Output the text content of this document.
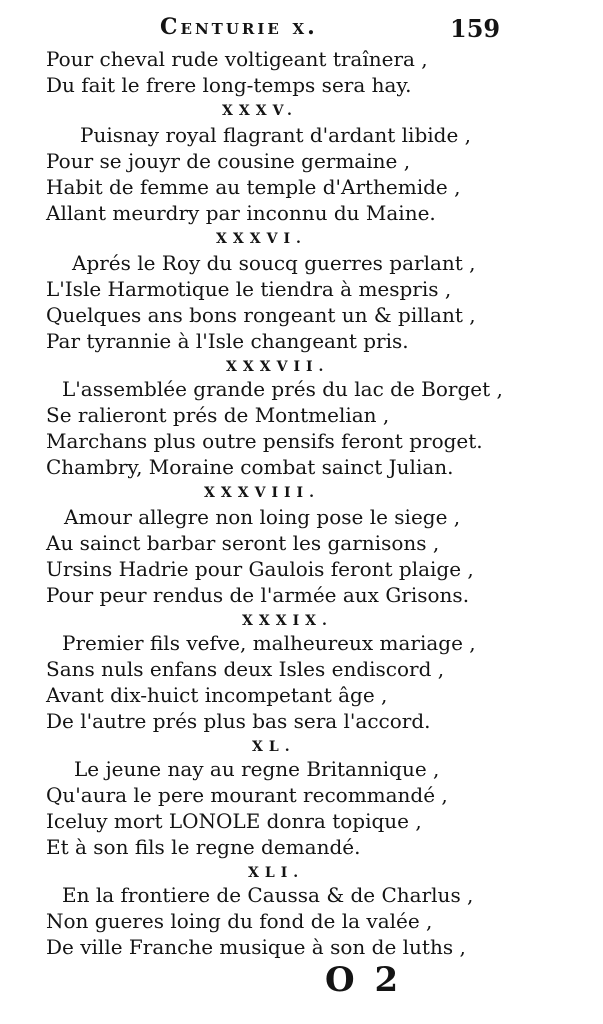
Centurie x.	159
Pour cheval rude voltigeant traînera ,
Du fait le frere long-temps sera hay.
XXXV.
Puisnay royal flagrant d'ardant libide ,
Pour se jouyr de cousine germaine ,
Habit de femme au temple d'Arthemide ,
Allant meurdry par inconnu du Maine.
XXXVI.
Aprés le Roy du soucq guerres parlant ,
L'Isle Harmotique le tiendra à mespris ,
Quelques ans bons rongeant un & pillant ,
Par tyrannie à l'Isle changeant pris.
XXXVII.
L'assemblée grande prés du lac de Borget ,
Se ralieront prés de Montmelian ,
Marchans plus outre pensifs feront proget.
Chambry, Moraine combat sainct Julian.
XXXVIII.
Amour allegre non loing pose le siege ,
Au sainct barbar seront les garnisons ,
Ursins Hadrie pour Gaulois feront plaige ,
Pour peur rendus de l'armée aux Grisons.
XXXIX.
Premier fils vefve, malheureux mariage ,
Sans nuls enfans deux Isles endiscord ,
Avant dix-huict incompetant âge ,
De l'autre prés plus bas sera l'accord.
XL.
Le jeune nay au regne Britannique ,
Qu'aura le pere mourant recommandé ,
Iceluy mort LONOLE donra topique ,
Et à son fils le regne demandé.
XLI.
En la frontiere de Caussa & de Charlus ,
Non gueres loing du fond de la valée ,
De ville Franche musique à son de luths ,
O 2
